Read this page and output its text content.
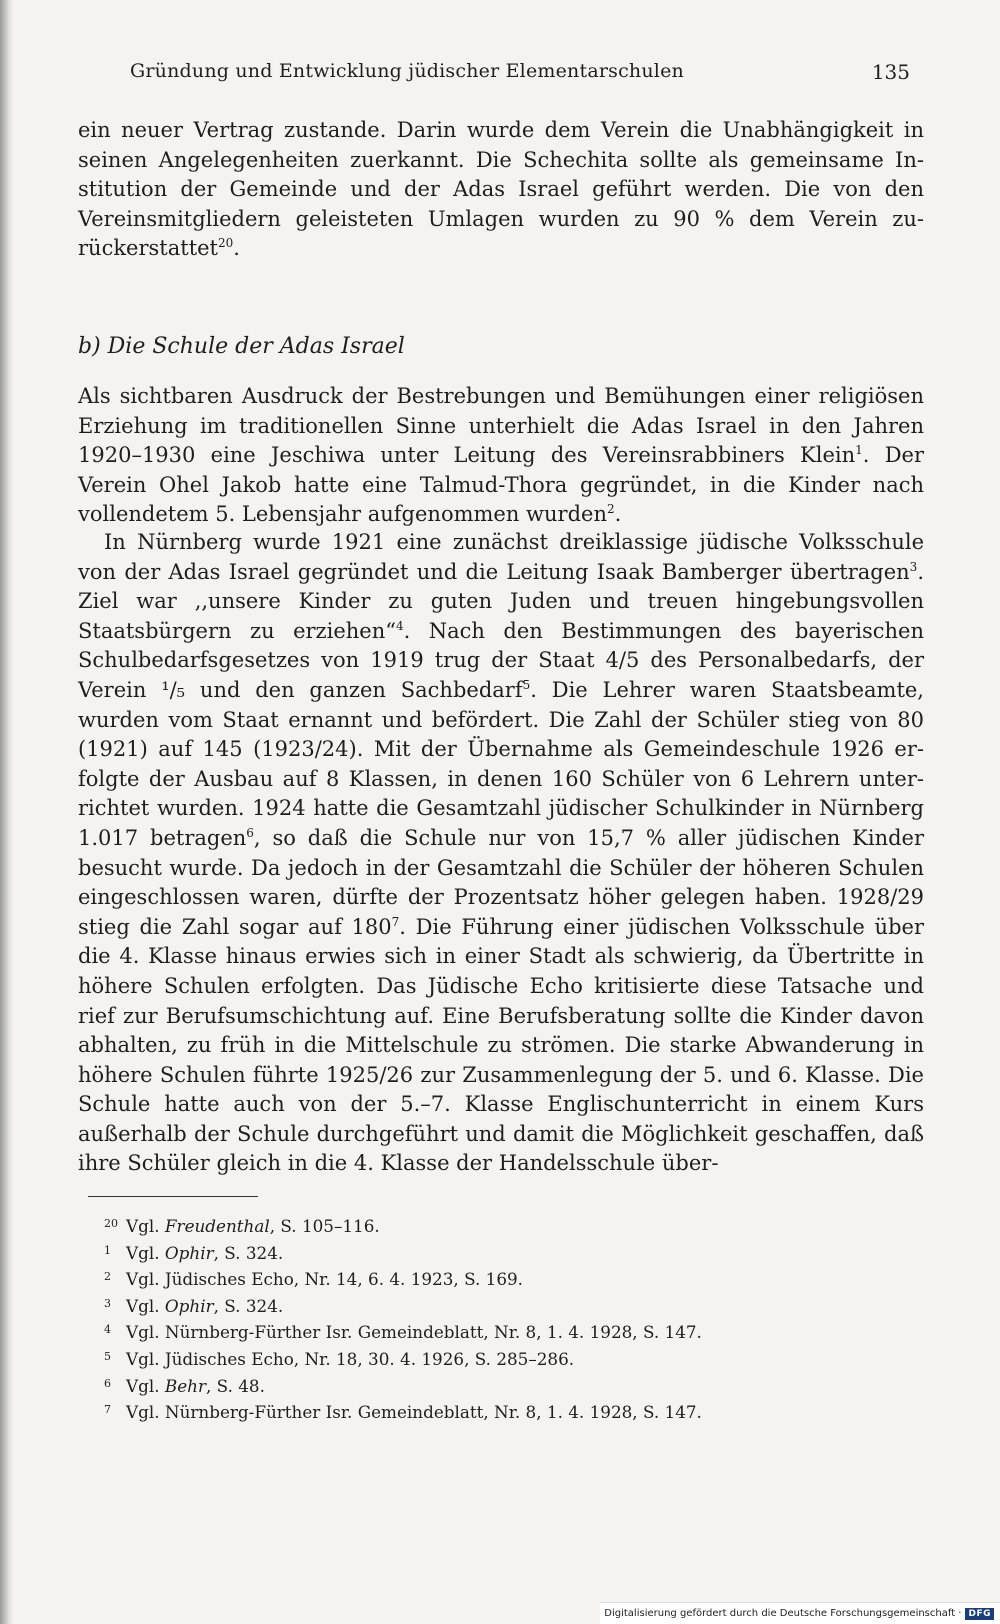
Gründung und Entwicklung jüdischer Elementarschulen	135

ein neuer Vertrag zustande. Darin wurde dem Verein die Unabhängigkeit in seinen Angelegenheiten zuerkannt. Die Schechita sollte als gemeinsame Institution der Gemeinde und der Adas Israel geführt werden. Die von den Vereinsmitgliedern geleisteten Umlagen wurden zu 90 % dem Verein zurückerstattet$^{20}$.

b) Die Schule der Adas Israel

Als sichtbaren Ausdruck der Bestrebungen und Bemühungen einer religiösen Erziehung im traditionellen Sinne unterhielt die Adas Israel in den Jahren 1920–1930 eine Jeschiwa unter Leitung des Vereinsrabbiners Klein$^1$. Der Verein Ohel Jakob hatte eine Talmud-Thora gegründet, in die Kinder nach vollendetem 5. Lebensjahr aufgenommen wurden$^2$.

In Nürnberg wurde 1921 eine zunächst dreiklassige jüdische Volksschule von der Adas Israel gegründet und die Leitung Isaak Bamberger übertragen$^3$. Ziel war ,,unsere Kinder zu guten Juden und treuen hingebungsvollen Staatsbürgern zu erziehen“$^4$. Nach den Bestimmungen des bayerischen Schulbedarfsgesetzes von 1919 trug der Staat 4/5 des Personalbedarfs, der Verein ¹/₅ und den ganzen Sachbedarf$^5$. Die Lehrer waren Staatsbeamte, wurden vom Staat ernannt und befördert. Die Zahl der Schüler stieg von 80 (1921) auf 145 (1923/24). Mit der Übernahme als Gemeindeschule 1926 erfolgte der Ausbau auf 8 Klassen, in denen 160 Schüler von 6 Lehrern unterrichtet wurden. 1924 hatte die Gesamtzahl jüdischer Schulkinder in Nürnberg 1.017 betragen$^6$, so daß die Schule nur von 15,7 % aller jüdischen Kinder besucht wurde. Da jedoch in der Gesamtzahl die Schüler der höheren Schulen eingeschlossen waren, dürfte der Prozentsatz höher gelegen haben. 1928/29 stieg die Zahl sogar auf $180^7$. Die Führung einer jüdischen Volksschule über die 4. Klasse hinaus erwies sich in einer Stadt als schwierig, da Übertritte in höhere Schulen erfolgten. Das Jüdische Echo kritisierte diese Tatsache und rief zur Berufsumschichtung auf. Eine Berufsberatung sollte die Kinder davon abhalten, zu früh in die Mittelschule zu strömen. Die starke Abwanderung in höhere Schulen führte 1925/26 zur Zusammenlegung der 5. und 6. Klasse. Die Schule hatte auch von der 5.–7. Klasse Englischunterricht in einem Kurs außerhalb der Schule durchgeführt und damit die Möglichkeit geschaffen, daß ihre Schüler gleich in die 4. Klasse der Handelsschule über-

20 Vgl. Freudenthal, S. 105–116.
1 Vgl. Ophir, S. 324.
2 Vgl. Jüdisches Echo, Nr. 14, 6. 4. 1923, S. 169.
3 Vgl. Ophir, S. 324.
4 Vgl. Nürnberg-Fürther Isr. Gemeindeblatt, Nr. 8, 1. 4. 1928, S. 147.
5 Vgl. Jüdisches Echo, Nr. 18, 30. 4. 1926, S. 285–286.
6 Vgl. Behr, S. 48.
7 Vgl. Nürnberg-Fürther Isr. Gemeindeblatt, Nr. 8, 1. 4. 1928, S. 147.
Digitalisierung gefördert durch die Deutsche Forschungsgemeinschaft · DFG
